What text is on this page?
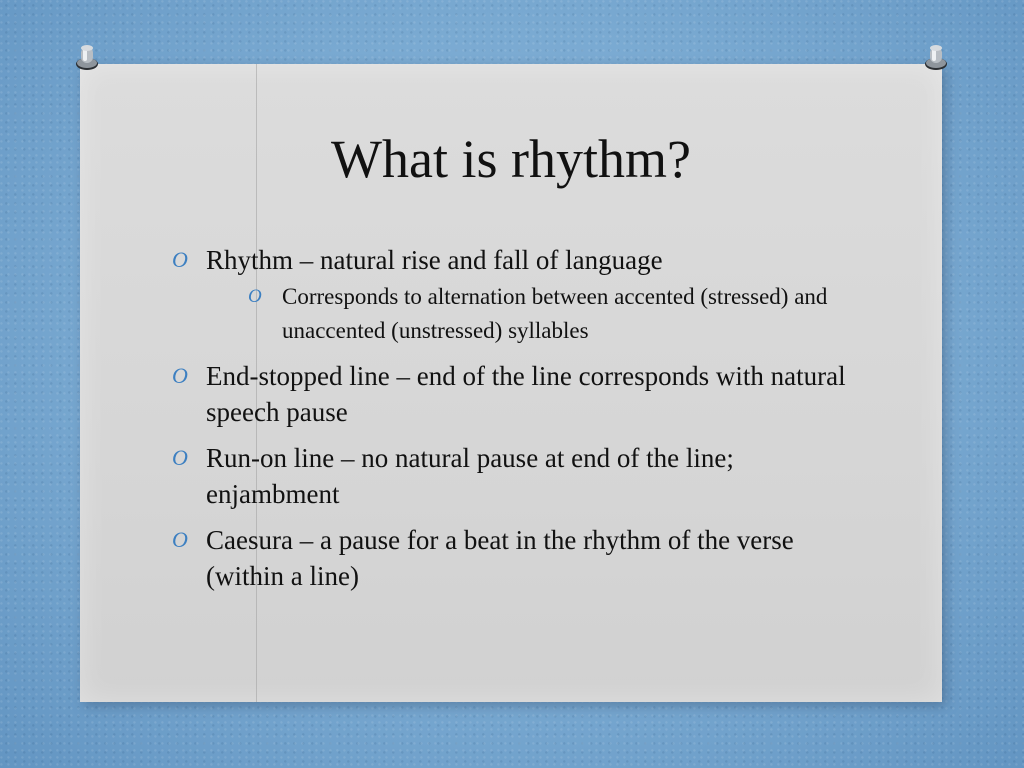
What is rhythm?
O Rhythm – natural rise and fall of language
O Corresponds to alternation between accented (stressed) and unaccented (unstressed) syllables
O End-stopped line – end of the line corresponds with natural speech pause
O Run-on line – no natural pause at end of the line; enjambment
O Caesura – a pause for a beat in the rhythm of the verse (within a line)
